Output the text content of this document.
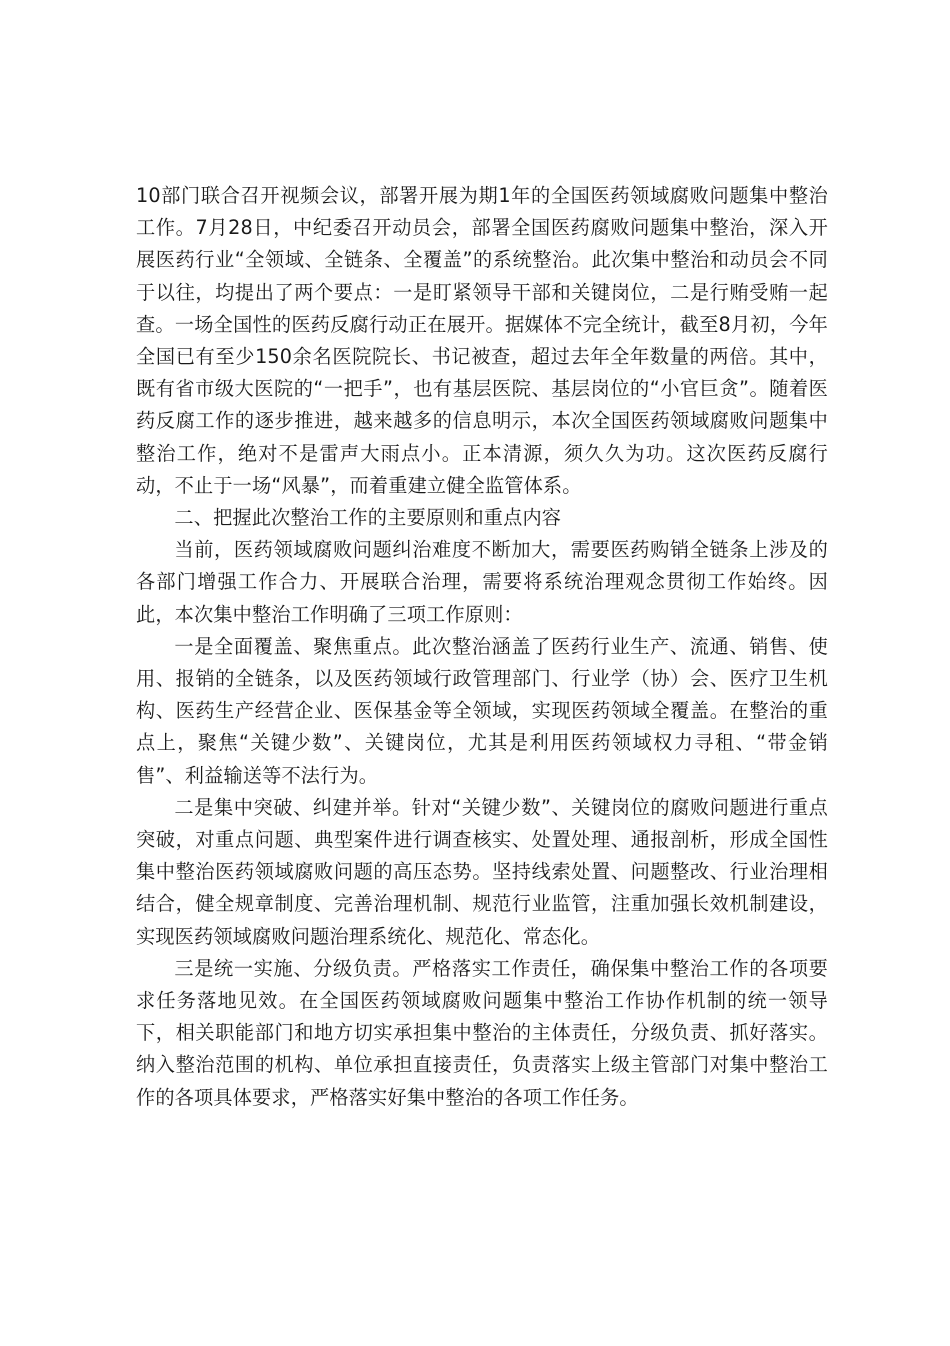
10部门联合召开视频会议，部署开展为期1年的全国医药领域腐败问题集中整治工作。7月28日，中纪委召开动员会，部署全国医药腐败问题集中整治，深入开展医药行业“全领域、全链条、全覆盖”的系统整治。此次集中整治和动员会不同于以往，均提出了两个要点：一是盯紧领导干部和关键岗位，二是行贿受贿一起查。一场全国性的医药反腐行动正在展开。据媒体不完全统计，截至8月初，今年全国已有至少150余名医院院长、书记被查，超过去年全年数量的两倍。其中，既有省市级大医院的“一把手”，也有基层医院、基层岗位的“小官巨贪”。随着医药反腐工作的逐步推进，越来越多的信息明示，本次全国医药领域腐败问题集中整治工作，绝对不是雷声大雨点小。正本清源，须久久为功。这次医药反腐行动，不止于一场“风暴”，而着重建立健全监管体系。

二、把握此次整治工作的主要原则和重点内容

当前，医药领域腐败问题纠治难度不断加大，需要医药购销全链条上涉及的各部门增强工作合力、开展联合治理，需要将系统治理观念贯彻工作始终。因此，本次集中整治工作明确了三项工作原则：

一是全面覆盖、聚焦重点。此次整治涵盖了医药行业生产、流通、销售、使用、报销的全链条，以及医药领域行政管理部门、行业学（协）会、医疗卫生机构、医药生产经营企业、医保基金等全领域，实现医药领域全覆盖。在整治的重点上，聚焦“关键少数”、关键岗位，尤其是利用医药领域权力寻租、“带金销售”、利益输送等不法行为。

二是集中突破、纠建并举。针对“关键少数”、关键岗位的腐败问题进行重点突破，对重点问题、典型案件进行调查核实、处置处理、通报剖析，形成全国性集中整治医药领域腐败问题的高压态势。坚持线索处置、问题整改、行业治理相结合，健全规章制度、完善治理机制、规范行业监管，注重加强长效机制建设，实现医药领域腐败问题治理系统化、规范化、常态化。

三是统一实施、分级负责。严格落实工作责任，确保集中整治工作的各项要求任务落地见效。在全国医药领域腐败问题集中整治工作协作机制的统一领导下，相关职能部门和地方切实承担集中整治的主体责任，分级负责、抓好落实。纳入整治范围的机构、单位承担直接责任，负责落实上级主管部门对集中整治工作的各项具体要求，严格落实好集中整治的各项工作任务。
